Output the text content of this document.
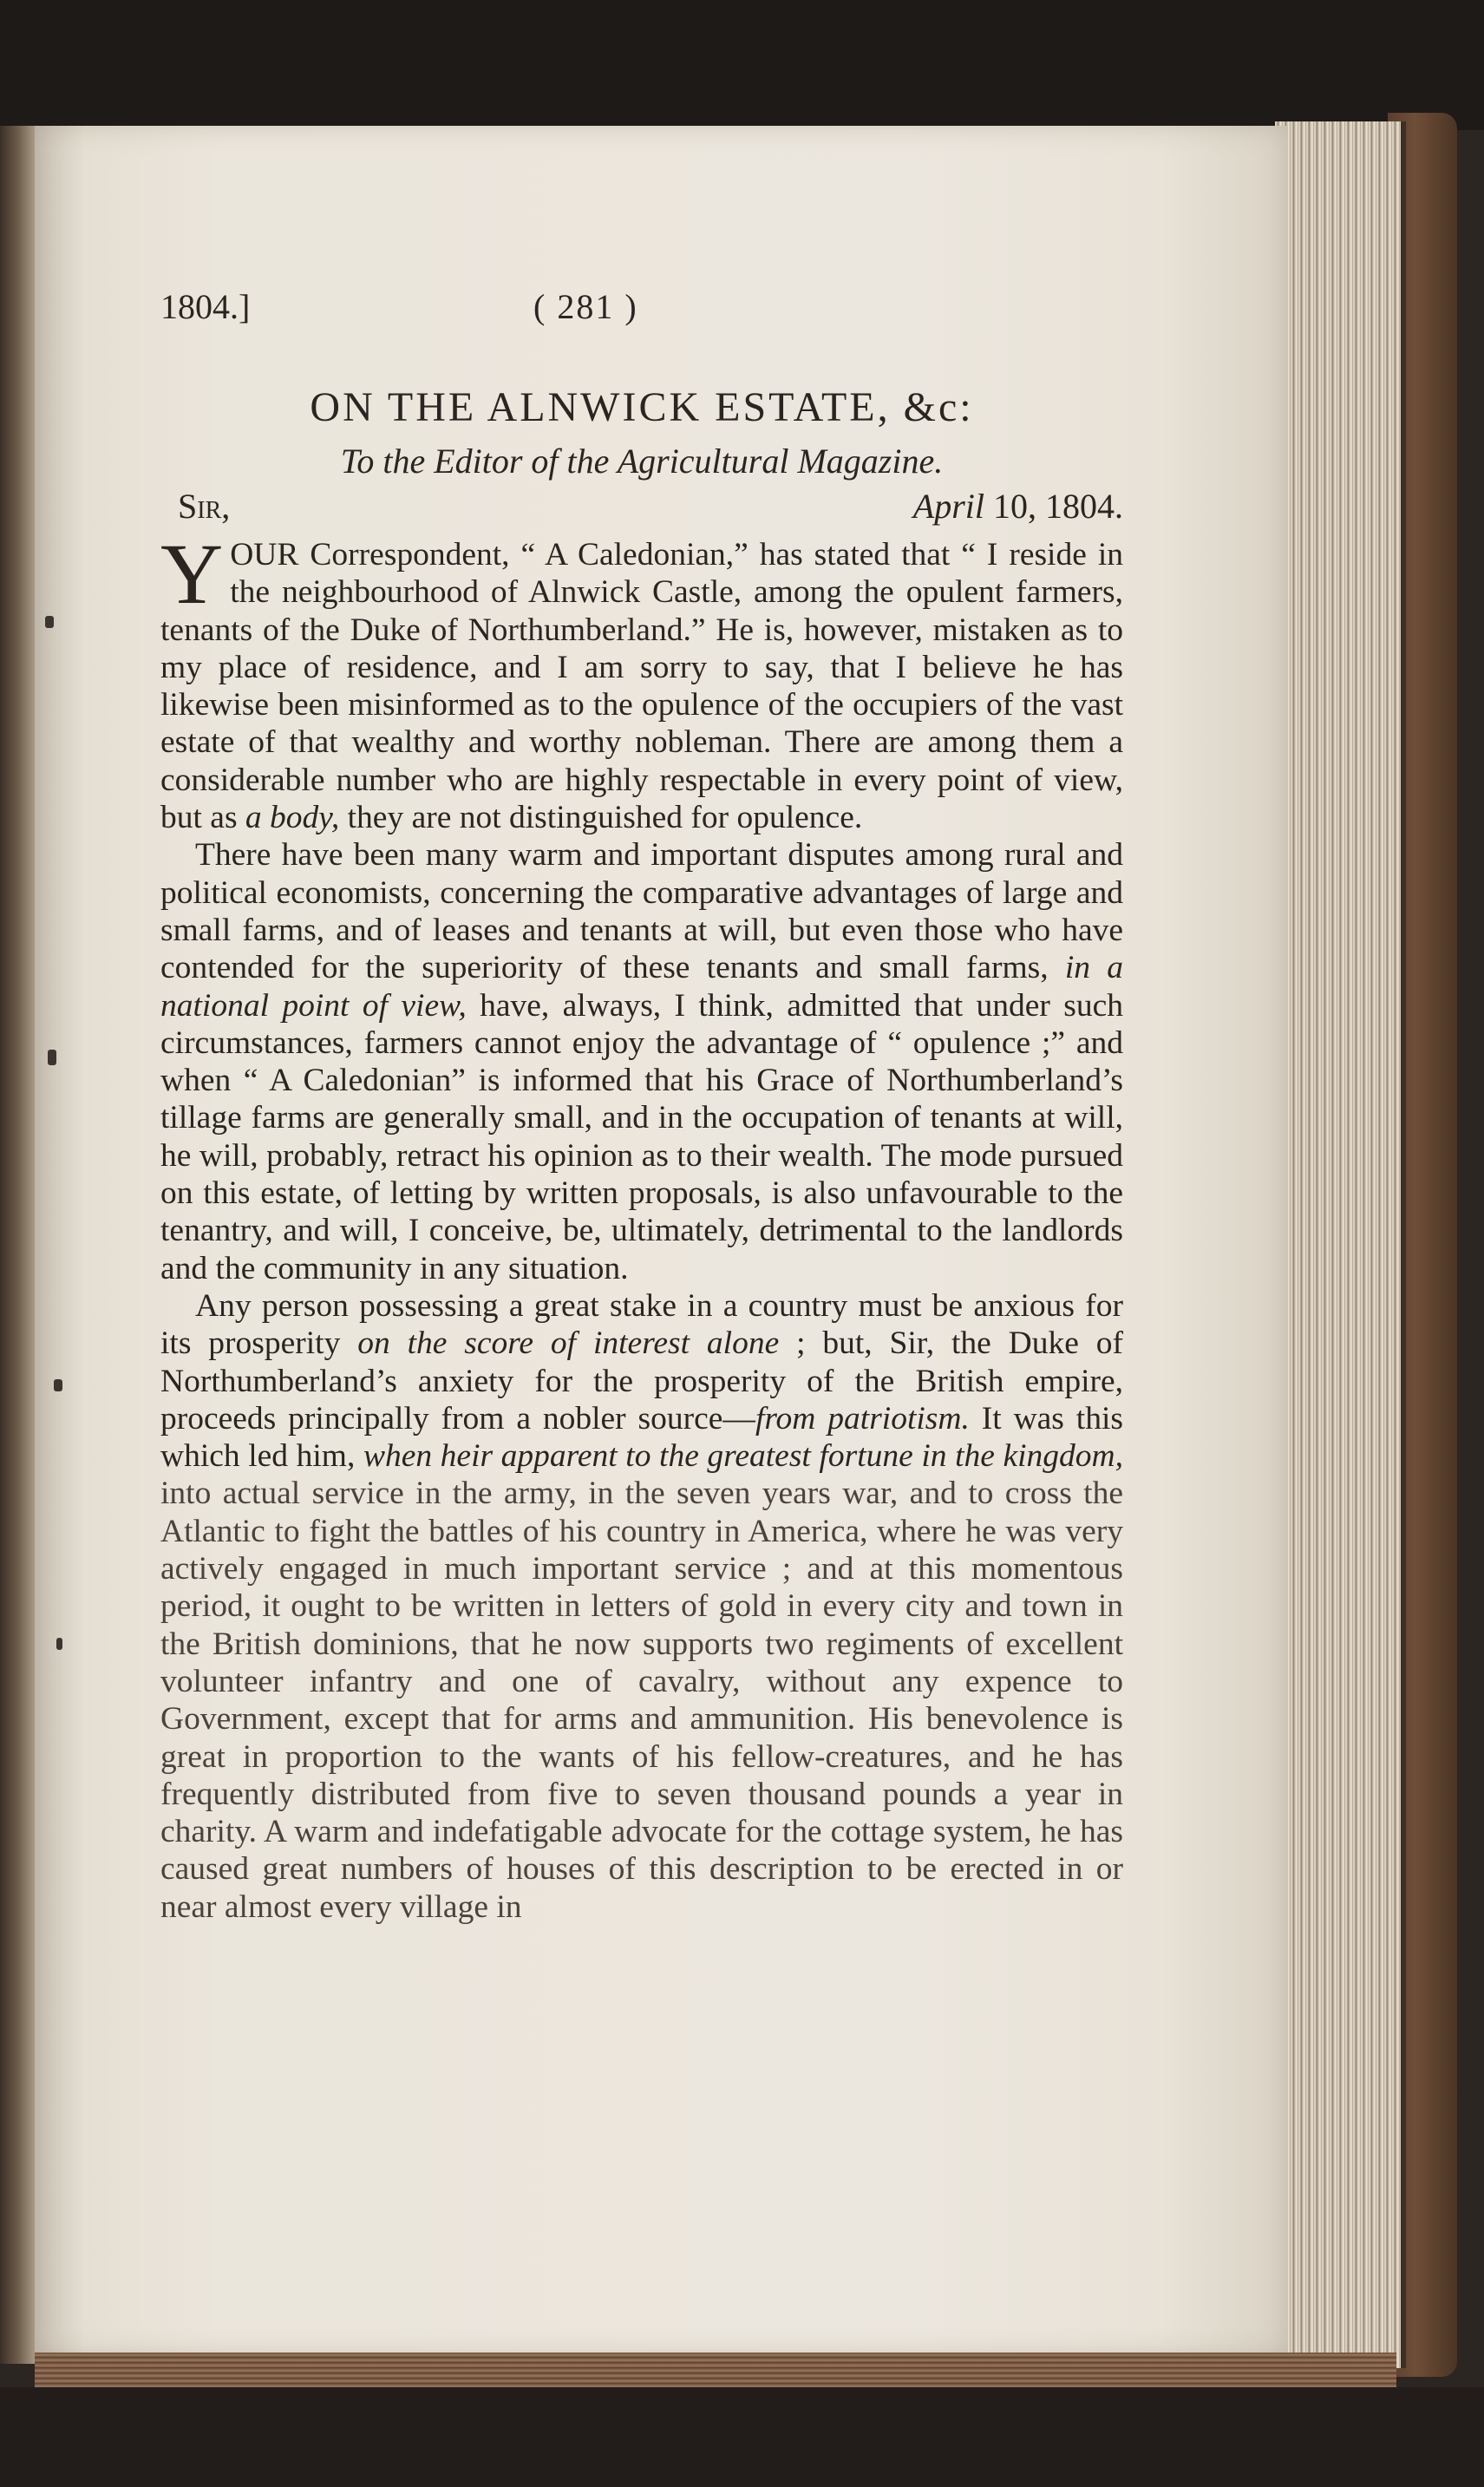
1804.]	( 281 )
ON THE ALNWICK ESTATE, &c:
To the Editor of the Agricultural Magazine.
Sir,	April 10, 1804.

YOUR Correspondent, “ A Caledonian,” has stated that “ I reside in the neighbourhood of Alnwick Castle, among the opulent farmers, tenants of the Duke of Northumberland.” He is, however, mistaken as to my place of residence, and I am sorry to say, that I believe he has likewise been misinformed as to the opulence of the occupiers of the vast estate of that wealthy and worthy nobleman. There are among them a considerable number who are highly respectable in every point of view, but as a body, they are not distinguished for opulence.

There have been many warm and important disputes among rural and political economists, concerning the comparative advantages of large and small farms, and of leases and tenants at will, but even those who have contended for the superiority of these tenants and small farms, in a national point of view, have, always, I think, admitted that under such circumstances, farmers cannot enjoy the advantage of “ opulence ;” and when “ A Caledonian” is informed that his Grace of Northumberland’s tillage farms are generally small, and in the occupation of tenants at will, he will, probably, retract his opinion as to their wealth. The mode pursued on this estate, of letting by written proposals, is also unfavourable to the tenantry, and will, I conceive, be, ultimately, detrimental to the landlords and the community in any situation.

Any person possessing a great stake in a country must be anxious for its prosperity on the score of interest alone ; but, Sir, the Duke of Northumberland’s anxiety for the prosperity of the British empire, proceeds principally from a nobler source—from patriotism. It was this which led him, when heir apparent to the greatest fortune in the kingdom, into actual service in the army, in the seven years war, and to cross the Atlantic to fight the battles of his country in America, where he was very actively engaged in much important service ; and at this momentous period, it ought to be written in letters of gold in every city and town in the British dominions, that he now supports two regiments of excellent volunteer infantry and one of cavalry, without any expence to Government, except that for arms and ammunition. His benevolence is great in proportion to the wants of his fellow-creatures, and he has frequently distributed from five to seven thousand pounds a year in charity. A warm and indefatigable advocate for the cottage system, he has caused great numbers of houses of this description to be erected in or near almost every village in
